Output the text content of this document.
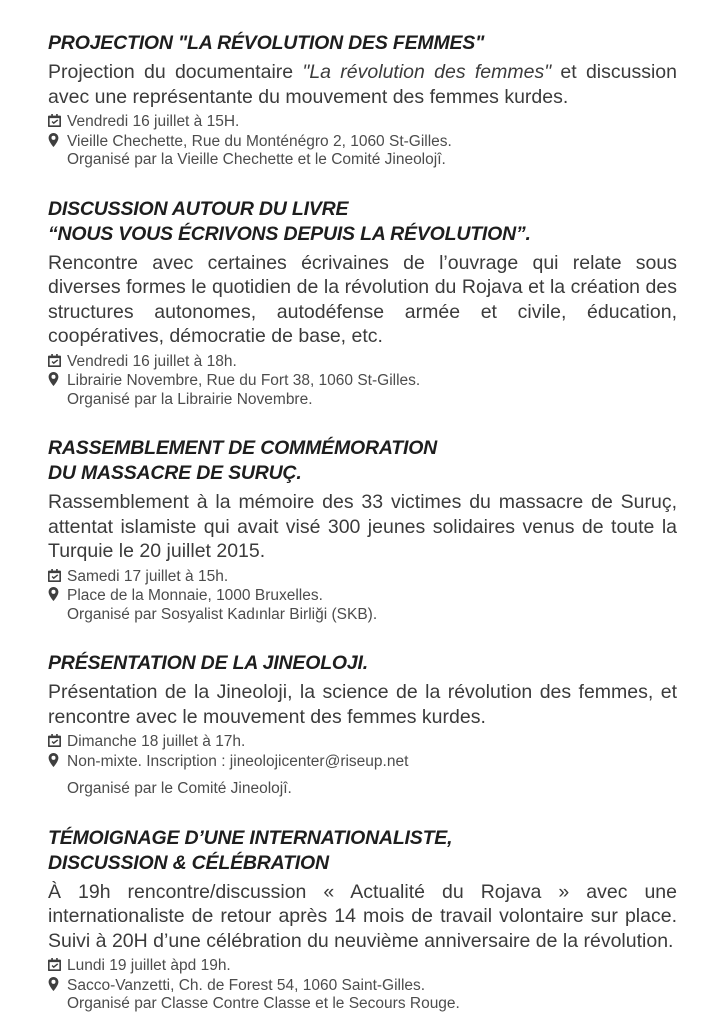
PROJECTION "LA RÉVOLUTION DES FEMMES"

Projection du documentaire "La révolution des femmes" et discussion avec une représentante du mouvement des femmes kurdes.

Vendredi 16 juillet à 15H.
Vieille Chechette, Rue du Monténégro 2, 1060 St-Gilles.
Organisé par la Vieille Chechette et le Comité Jineolojî.
DISCUSSION AUTOUR DU LIVRE
“NOUS VOUS ÉCRIVONS DEPUIS LA RÉVOLUTION”.

Rencontre avec certaines écrivaines de l’ouvrage qui relate sous diverses formes le quotidien de la révolution du Rojava et la création des structures autonomes, autodéfense armée et civile, éducation, coopératives, démocratie de base, etc.

Vendredi 16 juillet à 18h.
Librairie Novembre, Rue du Fort 38, 1060 St-Gilles.
Organisé par la Librairie Novembre.
RASSEMBLEMENT DE COMMÉMORATION
DU MASSACRE DE SURUÇ.

Rassemblement à la mémoire des 33 victimes du massacre de Suruç, attentat islamiste qui avait visé 300 jeunes solidaires venus de toute la Turquie le 20 juillet 2015.

Samedi 17 juillet à 15h.
Place de la Monnaie, 1000 Bruxelles.
Organisé par Sosyalist Kadınlar Birliği (SKB).
PRÉSENTATION DE LA JINEOLOJI.

Présentation de la Jineoloji, la science de la révolution des femmes, et rencontre avec le mouvement des femmes kurdes.

Dimanche 18 juillet à 17h.
Non-mixte. Inscription : jineolojicenter@riseup.net
Organisé par le Comité Jineolojî.
TÉMOIGNAGE D’UNE INTERNATIONALISTE,
DISCUSSION & CÉLÉBRATION

À 19h rencontre/discussion « Actualité du Rojava » avec une internationaliste de retour après 14 mois de travail volontaire sur place. Suivi à 20H d’une célébration du neuvième anniversaire de la révolution.

Lundi 19 juillet àpd 19h.
Sacco-Vanzetti, Ch. de Forest 54, 1060 Saint-Gilles.
Organisé par Classe Contre Classe et le Secours Rouge.
